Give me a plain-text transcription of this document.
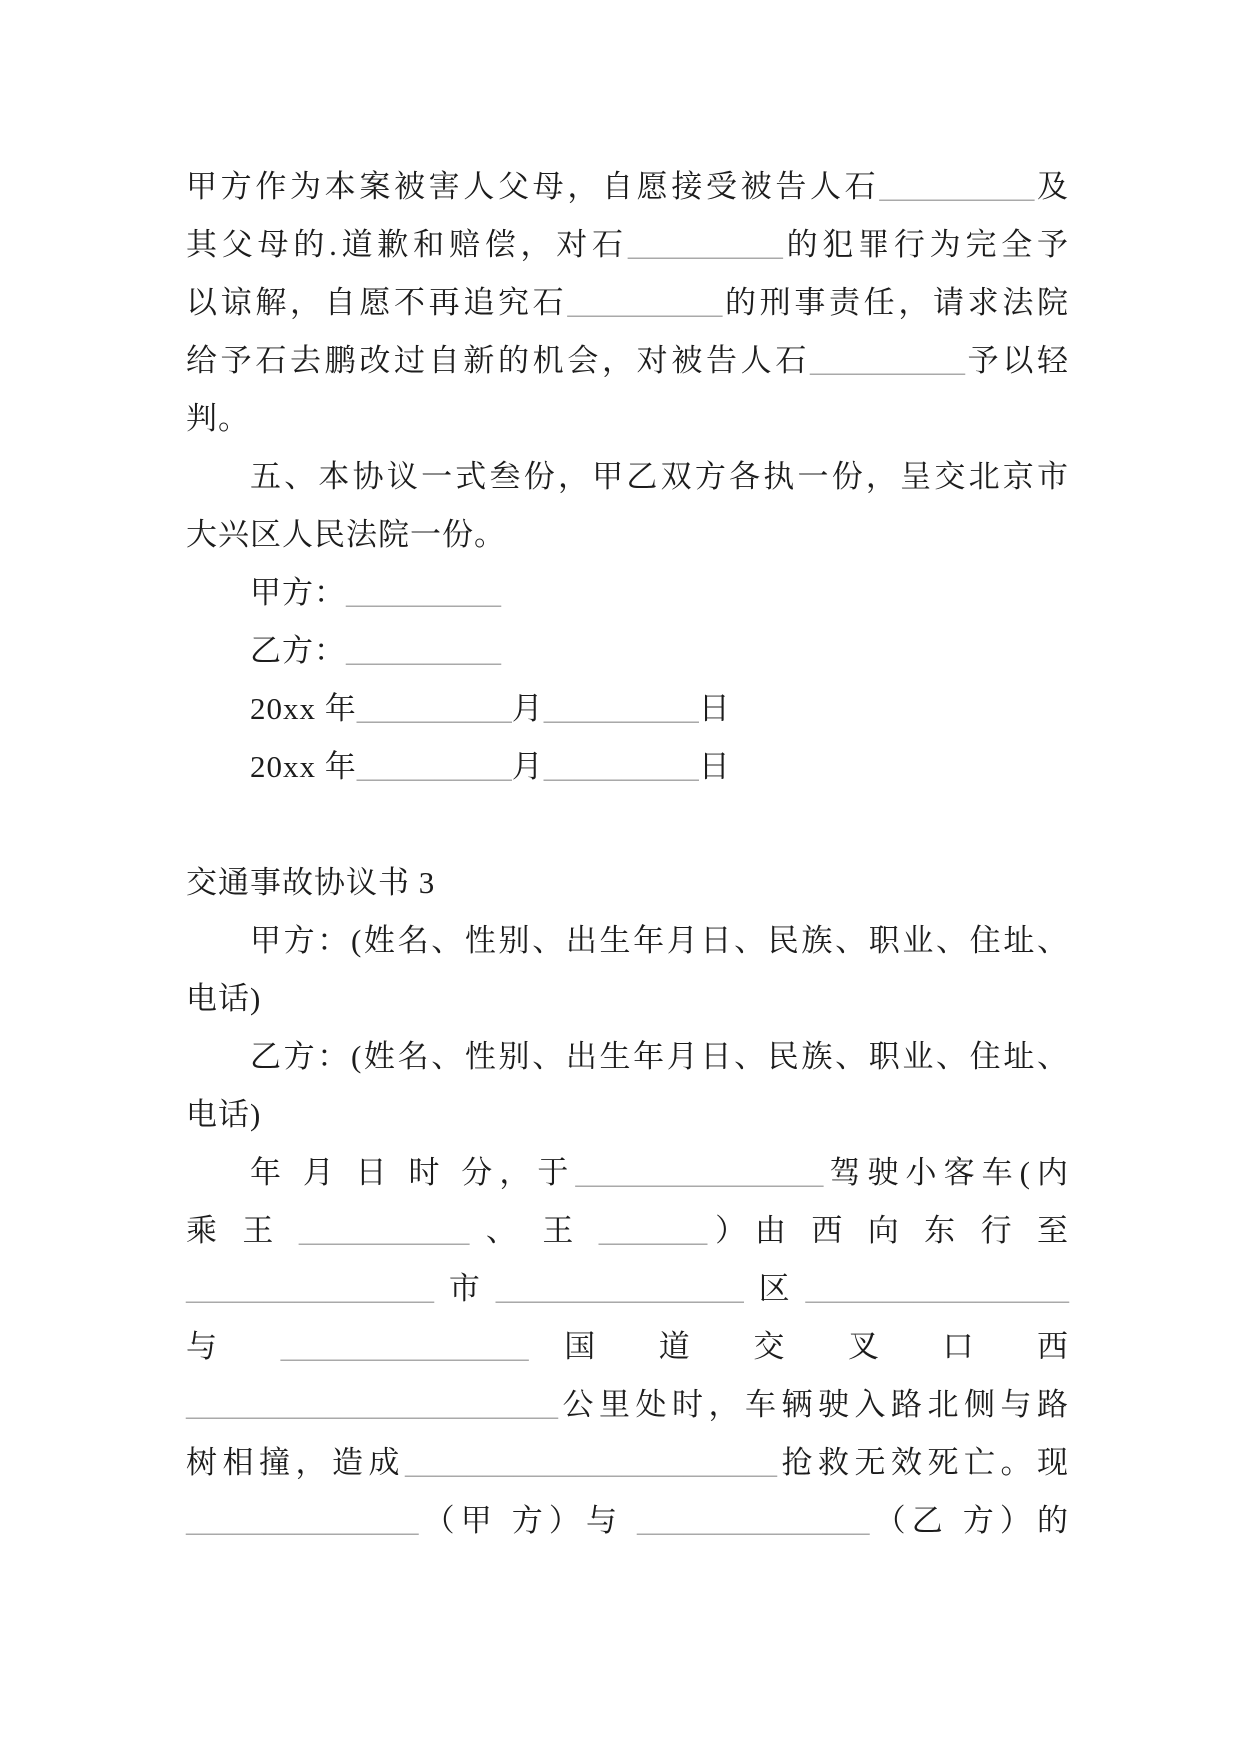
甲方作为本案被害人父母，自愿接受被告人石__________及
其父母的.道歉和赔偿，对石__________的犯罪行为完全予
以谅解，自愿不再追究石__________的刑事责任，请求法院
给予石去鹏改过自新的机会，对被告人石__________予以轻
判。
五、本协议一式叁份，甲乙双方各执一份，呈交北京市
大兴区人民法院一份。
甲方：__________
乙方：__________
20xx 年__________月__________日
20xx 年__________月__________日

交通事故协议书 3
甲方：(姓名、性别、出生年月日、民族、职业、住址、
电话)
乙方：(姓名、性别、出生年月日、民族、职业、住址、
电话)
年 月 日 时 分，于________________驾驶小客车(内
乘 王 ___________ 、 王 _______）由 西 向 东 行 至
________________市________________区_________________
与 ________________ 国 道 交 叉 口 西
________________________公里处时，车辆驶入路北侧与路
树相撞，造成________________________抢救无效死亡。现
_______________（甲 方）与 _______________（乙 方）的
